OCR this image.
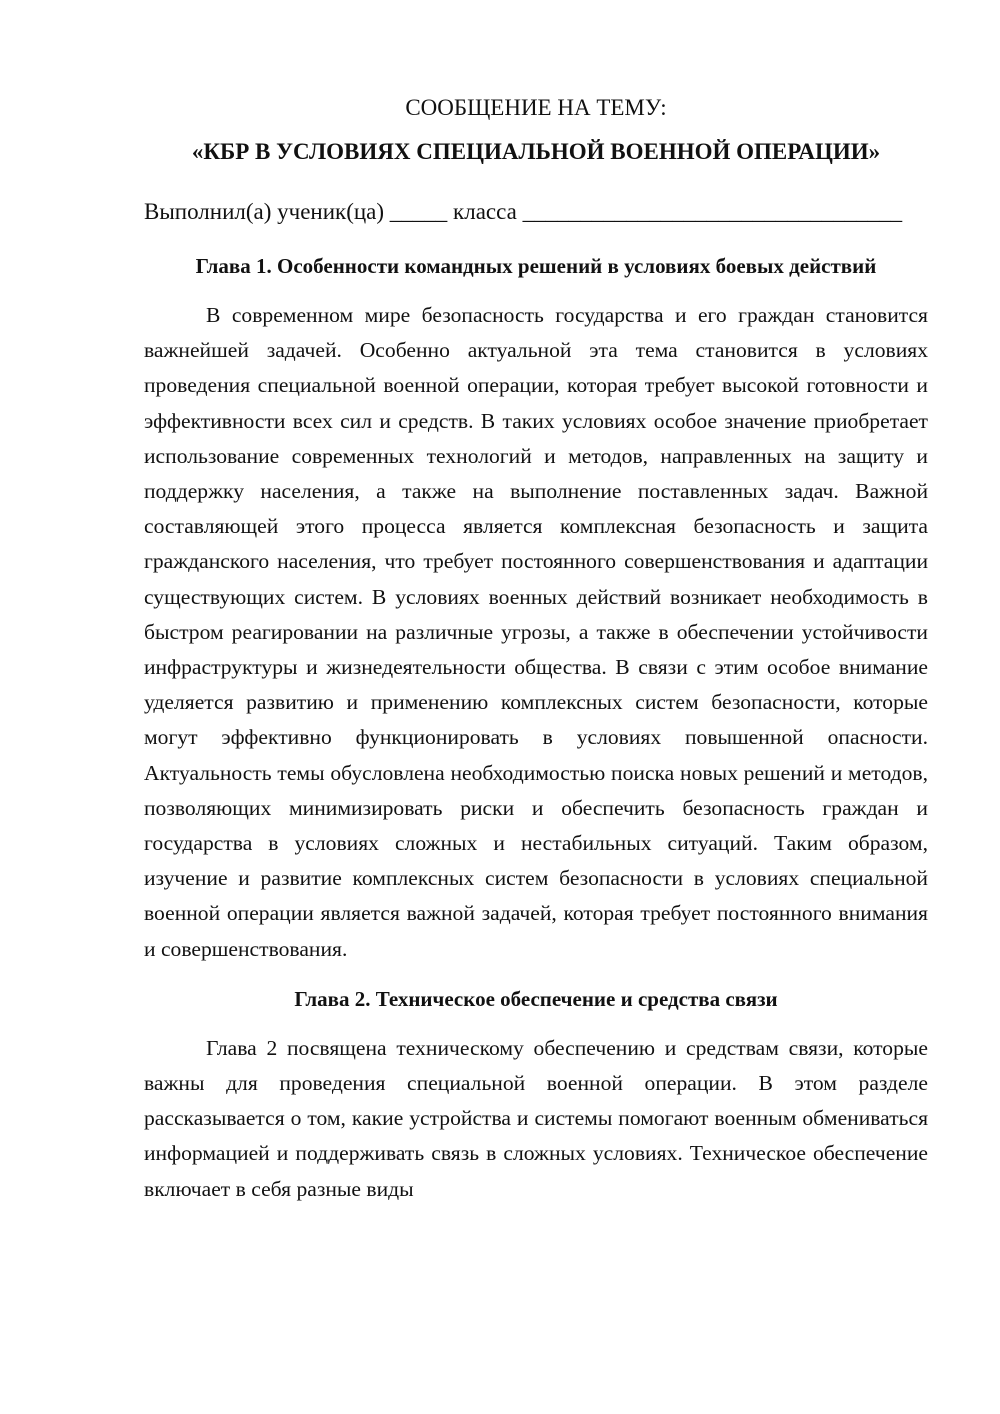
СООБЩЕНИЕ НА ТЕМУ:

«КБР В УСЛОВИЯХ СПЕЦИАЛЬНОЙ ВОЕННОЙ ОПЕРАЦИИ»

Выполнил(а) ученик(ца) _____ класса _________________________________

Глава 1. Особенности командных решений в условиях боевых действий

В современном мире безопасность государства и его граждан становится важнейшей задачей. Особенно актуальной эта тема становится в условиях проведения специальной военной операции, которая требует высокой готовности и эффективности всех сил и средств. В таких условиях особое значение приобретает использование современных технологий и методов, направленных на защиту и поддержку населения, а также на выполнение поставленных задач. Важной составляющей этого процесса является комплексная безопасность и защита гражданского населения, что требует постоянного совершенствования и адаптации существующих систем. В условиях военных действий возникает необходимость в быстром реагировании на различные угрозы, а также в обеспечении устойчивости инфраструктуры и жизнедеятельности общества. В связи с этим особое внимание уделяется развитию и применению комплексных систем безопасности, которые могут эффективно функционировать в условиях повышенной опасности. Актуальность темы обусловлена необходимостью поиска новых решений и методов, позволяющих минимизировать риски и обеспечить безопасность граждан и государства в условиях сложных и нестабильных ситуаций. Таким образом, изучение и развитие комплексных систем безопасности в условиях специальной военной операции является важной задачей, которая требует постоянного внимания и совершенствования.

Глава 2. Техническое обеспечение и средства связи

Глава 2 посвящена техническому обеспечению и средствам связи, которые важны для проведения специальной военной операции. В этом разделе рассказывается о том, какие устройства и системы помогают военным обмениваться информацией и поддерживать связь в сложных условиях. Техническое обеспечение включает в себя разные виды
